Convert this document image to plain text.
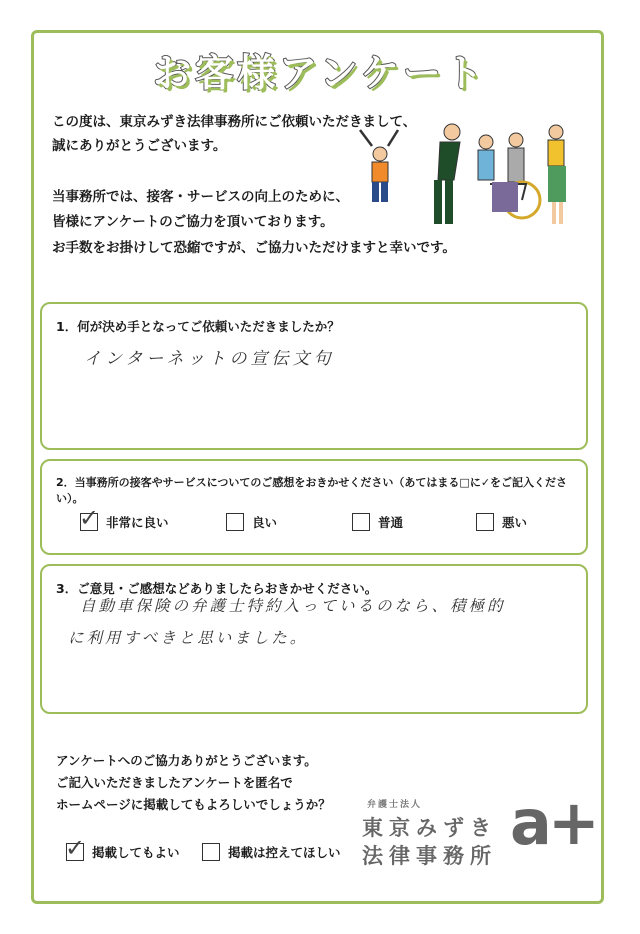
お客様アンケート
この度は、東京みずき法律事務所にご依頼いただきまして、
誠にありがとうございます。
当事務所では、接客・サービスの向上のために、
皆様にアンケートのご協力を頂いております。
お手数をお掛けして恐縮ですが、ご協力いただけますと幸いです。
1．何が決め手となってご依頼いただきましたか？
インターネットの宣伝文句
2．当事務所の接客やサービスについてのご感想をおきかせください（あてはまる□に✓をご記入ください）。
✓ 非常に良い	良い	普通	悪い
3．ご意見・ご感想などありましたらおきかせください。
自動車保険の弁護士特約入っているのなら、積極的
に利用すべきと思いました。
アンケートへのご協力ありがとうございます。
ご記入いただきましたアンケートを匿名で
ホームページに掲載してもよろしいでしょうか？
✓ 掲載してもよい	掲載は控えてほしい
弁護士法人
東京みずき
法律事務所 a+
